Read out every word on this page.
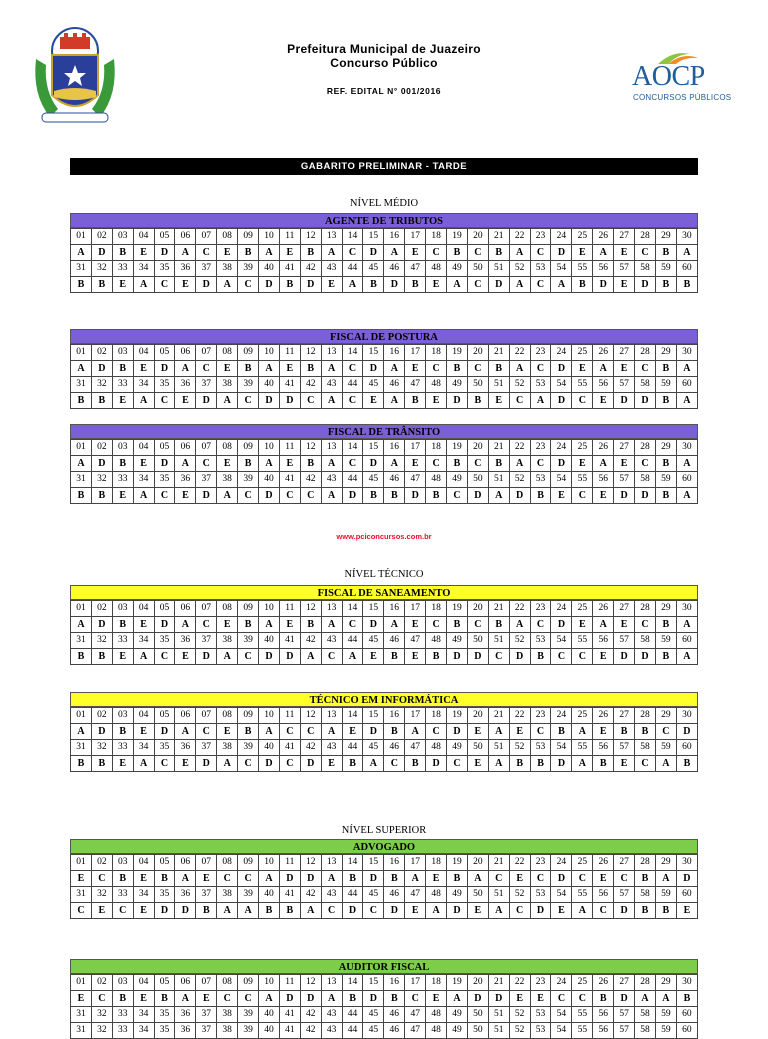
Prefeitura Municipal de Juazeiro
Concurso Público
REF. EDITAL N° 001/2016	AOCP
CONCURSOS PÚBLICOS
GABARITO PRELIMINAR - TARDE
NÍVEL MÉDIO
NÍVEL TÉCNICO
NÍVEL SUPERIOR
www.pciconcursos.com.br
AGENTE DE TRIBUTOS
01	02	03	04	05	06	07	08	09	10	11	12	13	14	15	16	17	18	19	20	21	22	23	24	25	26	27	28	29	30
A	D	B	E	D	A	C	E	B	A	E	B	A	C	D	A	E	C	B	C	B	A	C	D	E	A	E	C	B	A
31	32	33	34	35	36	37	38	39	40	41	42	43	44	45	46	47	48	49	50	51	52	53	54	55	56	57	58	59	60
B	B	E	A	C	E	D	A	C	D	B	D	E	A	B	D	B	E	A	C	D	A	C	A	B	D	E	D	B	B
FISCAL DE POSTURA
01	02	03	04	05	06	07	08	09	10	11	12	13	14	15	16	17	18	19	20	21	22	23	24	25	26	27	28	29	30
A	D	B	E	D	A	C	E	B	A	E	B	A	C	D	A	E	C	B	C	B	A	C	D	E	A	E	C	B	A
31	32	33	34	35	36	37	38	39	40	41	42	43	44	45	46	47	48	49	50	51	52	53	54	55	56	57	58	59	60
B	B	E	A	C	E	D	A	C	D	D	C	A	C	E	A	B	E	D	B	E	C	A	D	C	E	D	D	B	A
FISCAL DE TRÂNSITO
01	02	03	04	05	06	07	08	09	10	11	12	13	14	15	16	17	18	19	20	21	22	23	24	25	26	27	28	29	30
A	D	B	E	D	A	C	E	B	A	E	B	A	C	D	A	E	C	B	C	B	A	C	D	E	A	E	C	B	A
31	32	33	34	35	36	37	38	39	40	41	42	43	44	45	46	47	48	49	50	51	52	53	54	55	56	57	58	59	60
B	B	E	A	C	E	D	A	C	D	C	C	A	D	B	B	D	B	C	D	A	D	B	E	C	E	D	D	B	A
FISCAL DE SANEAMENTO
01	02	03	04	05	06	07	08	09	10	11	12	13	14	15	16	17	18	19	20	21	22	23	24	25	26	27	28	29	30
A	D	B	E	D	A	C	E	B	A	E	B	A	C	D	A	E	C	B	C	B	A	C	D	E	A	E	C	B	A
31	32	33	34	35	36	37	38	39	40	41	42	43	44	45	46	47	48	49	50	51	52	53	54	55	56	57	58	59	60
B	B	E	A	C	E	D	A	C	D	D	A	C	A	E	B	E	B	D	D	C	D	B	C	C	E	D	D	B	A
TÉCNICO EM INFORMÁTICA
01	02	03	04	05	06	07	08	09	10	11	12	13	14	15	16	17	18	19	20	21	22	23	24	25	26	27	28	29	30
A	D	B	E	D	A	C	E	B	A	C	C	A	E	D	B	A	C	D	E	A	E	C	B	A	E	B	B	C	D
31	32	33	34	35	36	37	38	39	40	41	42	43	44	45	46	47	48	49	50	51	52	53	54	55	56	57	58	59	60
B	B	E	A	C	E	D	A	C	D	C	D	E	B	A	C	B	D	C	E	A	B	B	D	A	B	E	C	A	B
ADVOGADO
01	02	03	04	05	06	07	08	09	10	11	12	13	14	15	16	17	18	19	20	21	22	23	24	25	26	27	28	29	30
E	C	B	E	B	A	E	C	C	A	D	D	A	B	D	B	A	E	B	A	C	E	C	D	C	E	C	B	A	D
31	32	33	34	35	36	37	38	39	40	41	42	43	44	45	46	47	48	49	50	51	52	53	54	55	56	57	58	59	60
C	E	C	E	D	D	B	A	A	B	B	A	C	D	C	D	E	A	D	E	A	C	D	E	A	C	D	B	B	E
AUDITOR FISCAL
01	02	03	04	05	06	07	08	09	10	11	12	13	14	15	16	17	18	19	20	21	22	23	24	25	26	27	28	29	30
E	C	B	E	B	A	E	C	C	A	D	D	A	B	D	B	C	E	A	D	D	E	E	C	C	B	D	A	A	B
31	32	33	34	35	36	37	38	39	40	41	42	43	44	45	46	47	48	49	50	51	52	53	54	55	56	57	58	59	60
31	32	33	34	35	36	37	38	39	40	41	42	43	44	45	46	47	48	49	50	51	52	53	54	55	56	57	58	59	60
